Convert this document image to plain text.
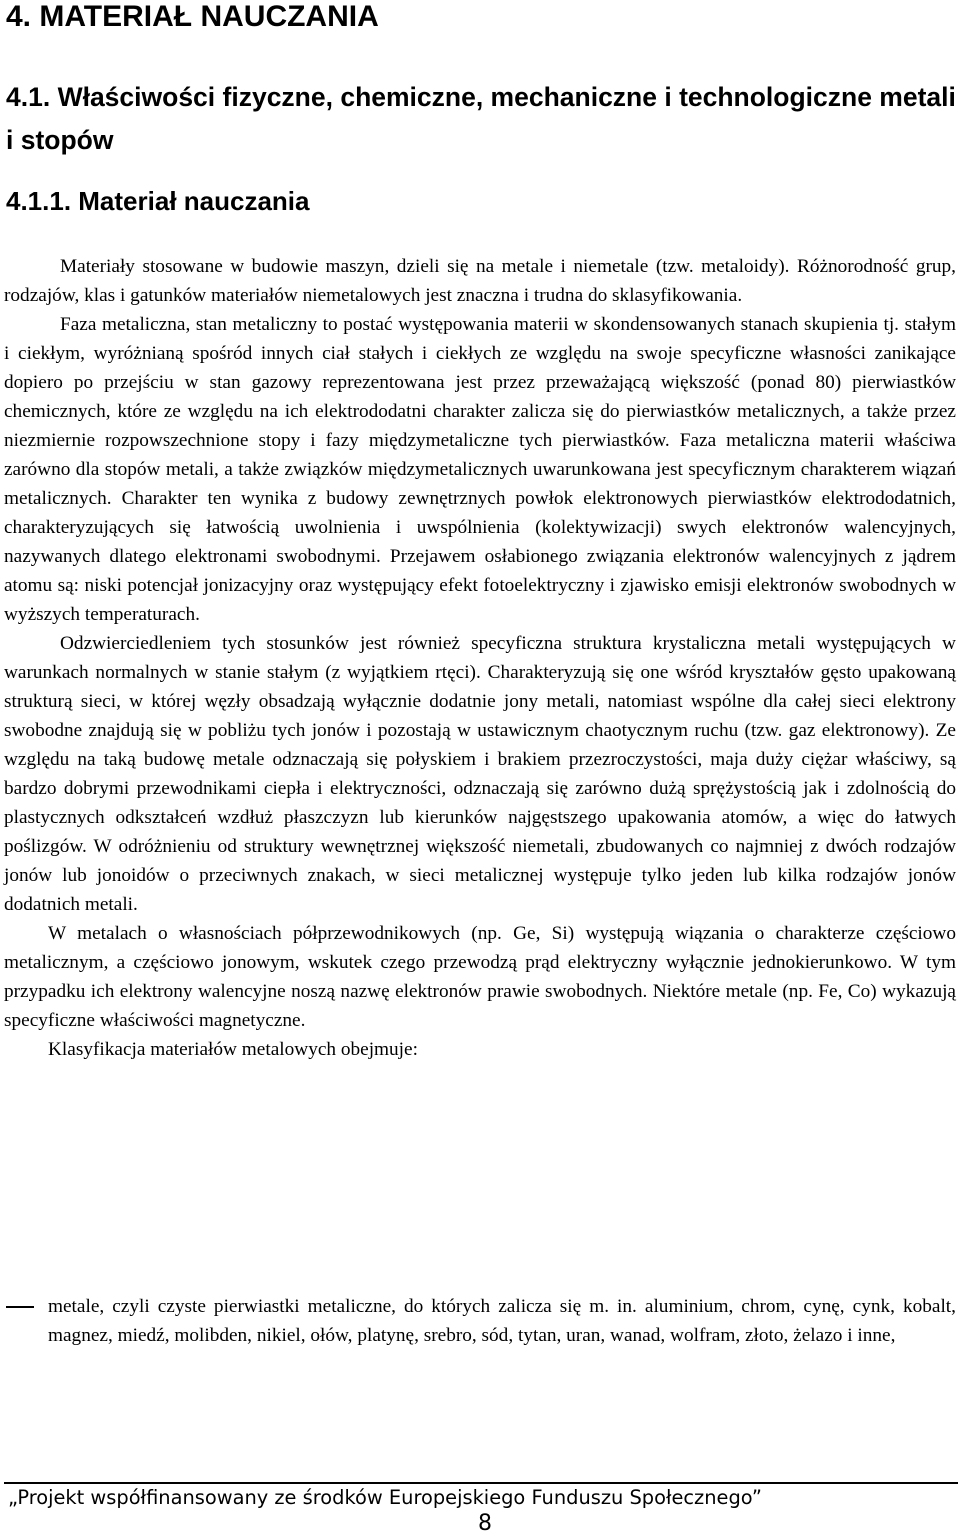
4. MATERIAŁ NAUCZANIA
4.1. Właściwości fizyczne, chemiczne, mechaniczne i technologiczne metali i stopów
4.1.1. Materiał nauczania

Materiały stosowane w budowie maszyn, dzieli się na metale i niemetale (tzw. metaloidy). Różnorodność grup, rodzajów, klas i gatunków materiałów niemetalowych jest znaczna i trudna do sklasyfikowania.

Faza metaliczna, stan metaliczny to postać występowania materii w skondensowanych stanach skupienia tj. stałym i ciekłym, wyróżnianą spośród innych ciał stałych i ciekłych ze względu na swoje specyficzne własności zanikające dopiero po przejściu w stan gazowy reprezentowana jest przez przeważającą większość (ponad 80) pierwiastków chemicznych, które ze względu na ich elektrododatni charakter zalicza się do pierwiastków metalicznych, a także przez niezmiernie rozpowszechnione stopy i fazy międzymetaliczne tych pierwiastków. Faza metaliczna materii właściwa zarówno dla stopów metali, a także związków międzymetalicznych uwarunkowana jest specyficznym charakterem wiązań metalicznych. Charakter ten wynika z budowy zewnętrznych powłok elektronowych pierwiastków elektrododatnich, charakteryzujących się łatwością uwolnienia i uwspólnienia (kolektywizacji) swych elektronów walencyjnych, nazywanych dlatego elektronami swobodnymi. Przejawem osłabionego związania elektronów walencyjnych z jądrem atomu są: niski potencjał jonizacyjny oraz występujący efekt fotoelektryczny i zjawisko emisji elektronów swobodnych w wyższych temperaturach.

Odzwierciedleniem tych stosunków jest również specyficzna struktura krystaliczna metali występujących w warunkach normalnych w stanie stałym (z wyjątkiem rtęci). Charakteryzują się one wśród kryształów gęsto upakowaną strukturą sieci, w której węzły obsadzają wyłącznie dodatnie jony metali, natomiast wspólne dla całej sieci elektrony swobodne znajdują się w pobliżu tych jonów i pozostają w ustawicznym chaotycznym ruchu (tzw. gaz elektronowy). Ze względu na taką budowę metale odznaczają się połyskiem i brakiem przezroczystości, maja duży ciężar właściwy, są bardzo dobrymi przewodnikami ciepła i elektryczności, odznaczają się zarówno dużą sprężystością jak i zdolnością do plastycznych odkształceń wzdłuż płaszczyzn lub kierunków najgęstszego upakowania atomów, a więc do łatwych poślizgów. W odróżnieniu od struktury wewnętrznej większość niemetali, zbudowanych co najmniej z dwóch rodzajów jonów lub jonoidów o przeciwnych znakach, w sieci metalicznej występuje tylko jeden lub kilka rodzajów jonów dodatnich metali.

W metalach o własnościach półprzewodnikowych (np. Ge, Si) występują wiązania o charakterze częściowo metalicznym, a częściowo jonowym, wskutek czego przewodzą prąd elektryczny wyłącznie jednokierunkowo. W tym przypadku ich elektrony walencyjne noszą nazwę elektronów prawie swobodnych. Niektóre metale (np. Fe, Co) wykazują specyficzne właściwości magnetyczne.

Klasyfikacja materiałów metalowych obejmuje:

metale, czyli czyste pierwiastki metaliczne, do których zalicza się m. in. aluminium, chrom, cynę, cynk, kobalt, magnez, miedź, molibden, nikiel, ołów, platynę, srebro, sód, tytan, uran, wanad, wolfram, złoto, żelazo i inne,
„Projekt współfinansowany ze środków Europejskiego Funduszu Społecznego”
8
